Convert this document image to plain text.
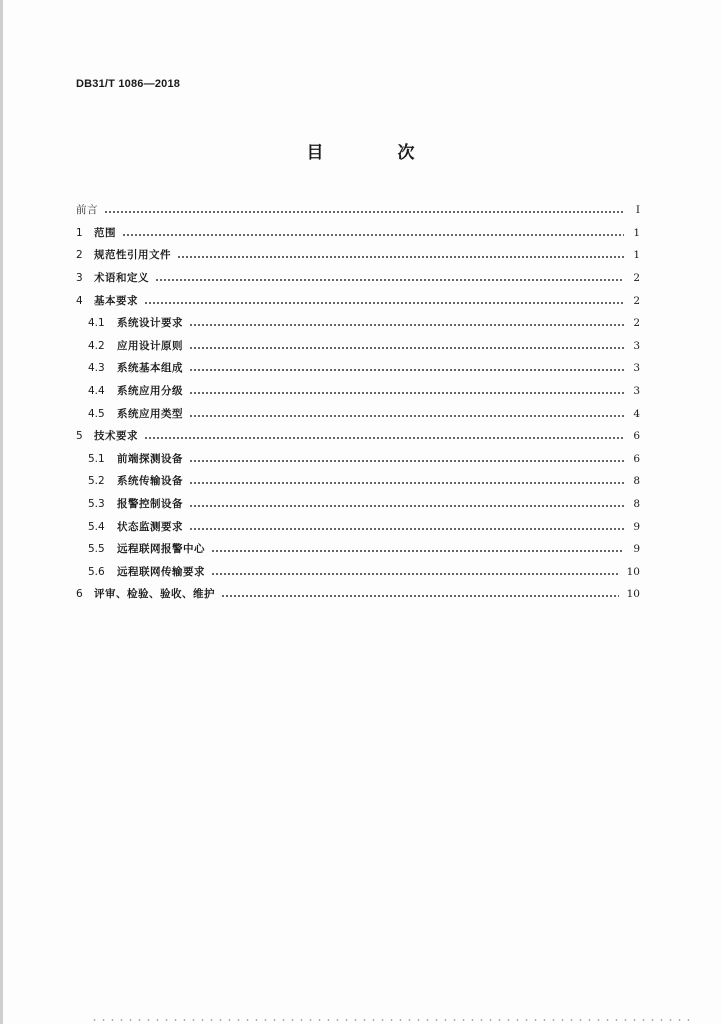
DB31/T 1086—2018
目 次
前言	I
1	范围	1
2	规范性引用文件	1
3	术语和定义	2
4	基本要求	2
4.1	系统设计要求	2
4.2	应用设计原则	3
4.3	系统基本组成	3
4.4	系统应用分级	3
4.5	系统应用类型	4
5	技术要求	6
5.1	前端探测设备	6
5.2	系统传输设备	8
5.3	报警控制设备	8
5.4	状态监测要求	9
5.5	远程联网报警中心	9
5.6	远程联网传输要求	10
6	评审、检验、验收、维护	10
